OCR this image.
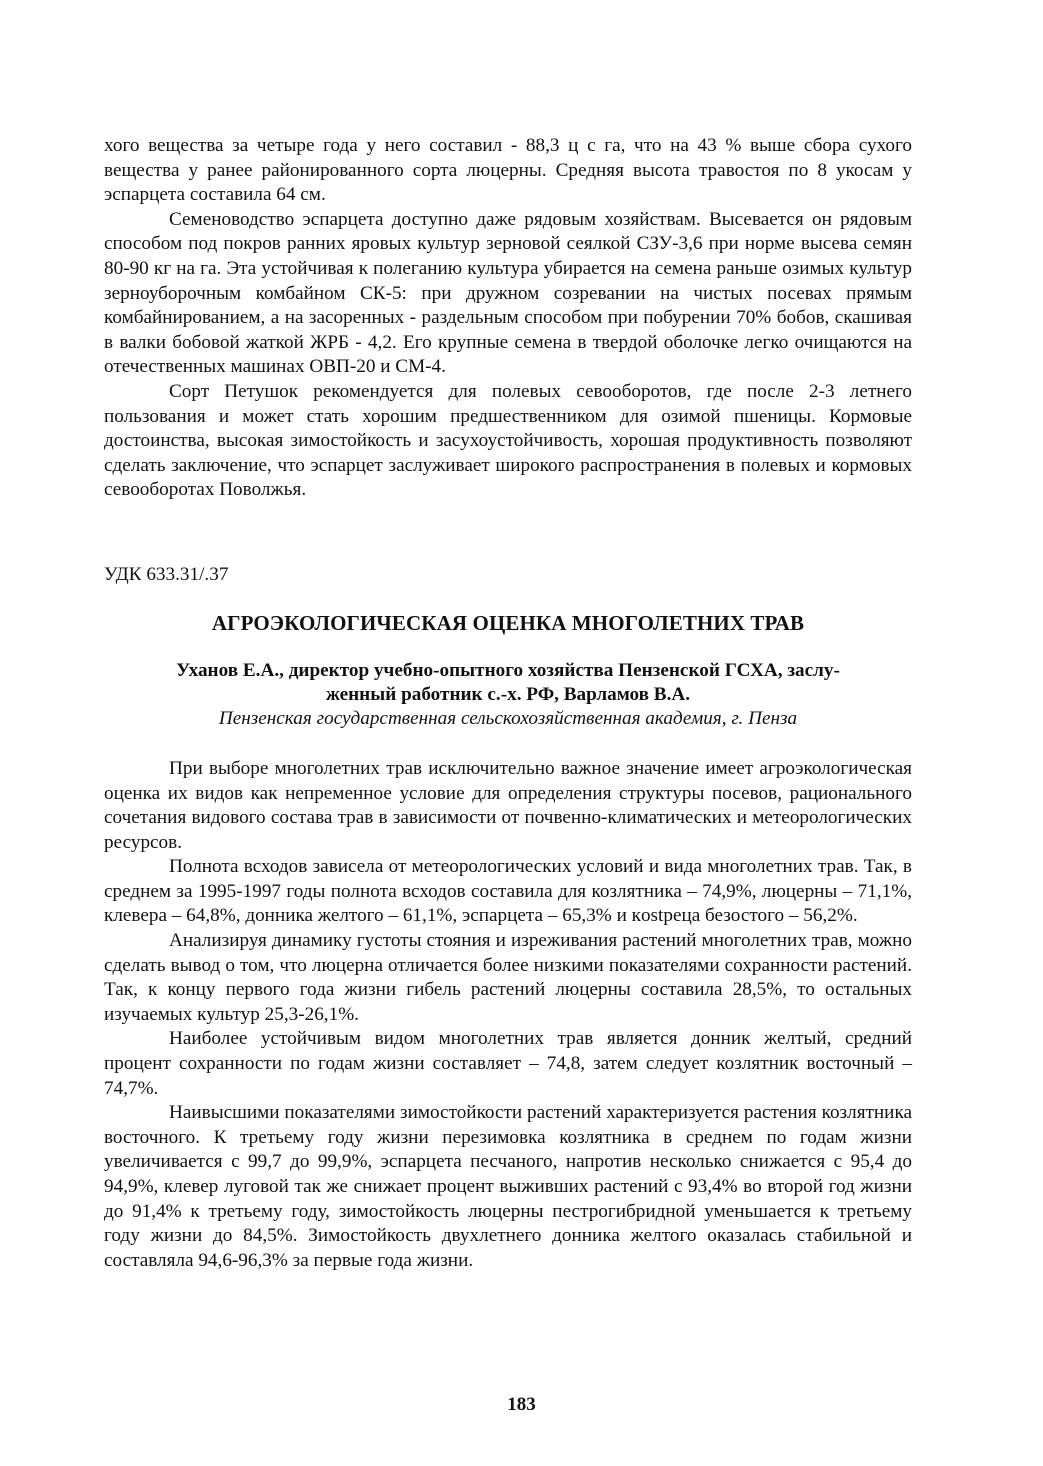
хого вещества за четыре года у него составил - 88,3 ц с га, что на 43 % выше сбора сухого вещества у ранее районированного сорта люцерны. Средняя высота травостоя по 8 укосам у эспарцета составила 64 см.

Семеноводство эспарцета доступно даже рядовым хозяйствам. Высевается он рядовым способом под покров ранних яровых культур зерновой сеялкой СЗУ-3,6 при норме высева семян 80-90 кг на га. Эта устойчивая к полеганию культура убирается на семена раньше озимых культур зерноуборочным комбайном СК-5: при дружном созревании на чистых посевах прямым комбайнированием, а на засоренных - раздельным способом при побурении 70% бобов, скашивая в валки бобовой жаткой ЖРБ - 4,2. Его крупные семена в твердой оболочке легко очищаются на отечественных машинах ОВП-20 и СМ-4.

Сорт Петушок рекомендуется для полевых севооборотов, где после 2-3 летнего пользования и может стать хорошим предшественником для озимой пшеницы. Кормовые достоинства, высокая зимостойкость и засухоустойчивость, хорошая продуктивность позволяют сделать заключение, что эспарцет заслуживает широкого распространения в полевых и кормовых севооборотах Поволжья.

УДК 633.31/.37
АГРОЭКОЛОГИЧЕСКАЯ ОЦЕНКА МНОГОЛЕТНИХ ТРАВ
Уханов Е.А., директор учебно-опытного хозяйства Пензенской ГСХА, заслу-
женный работник с.-х. РФ, Варламов В.А.
Пензенская государственная сельскохозяйственная академия, г. Пенза

При выборе многолетних трав исключительно важное значение имеет агроэкологическая оценка их видов как непременное условие для определения структуры посевов, рационального сочетания видового состава трав в зависимости от почвенно-климатических и метеорологических ресурсов.

Полнота всходов зависела от метеорологических условий и вида многолетних трав. Так, в среднем за 1995-1997 годы полнота всходов составила для козлятника – 74,9%, люцерны – 71,1%, клевера – 64,8%, донника желтого – 61,1%, эспарцета – 65,3% и кostреца безостого – 56,2%.

Анализируя динамику густоты стояния и изреживания растений многолетних трав, можно сделать вывод о том, что люцерна отличается более низкими показателями сохранности растений. Так, к концу первого года жизни гибель растений люцерны составила 28,5%, то остальных изучаемых культур 25,3-26,1%.

Наиболее устойчивым видом многолетних трав является донник желтый, средний процент сохранности по годам жизни составляет – 74,8, затем следует козлятник восточный – 74,7%.

Наивысшими показателями зимостойкости растений характеризуется растения козлятника восточного. К третьему году жизни перезимовка козлятника в среднем по годам жизни увеличивается с 99,7 до 99,9%, эспарцета песчаного, напротив несколько снижается с 95,4 до 94,9%, клевер луговой так же снижает процент выживших растений с 93,4% во второй год жизни до 91,4% к третьему году, зимостойкость люцерны пестрогибридной уменьшается к третьему году жизни до 84,5%. Зимостойкость двухлетнего донника желтого оказалась стабильной и составляла 94,6-96,3% за первые года жизни.

183
